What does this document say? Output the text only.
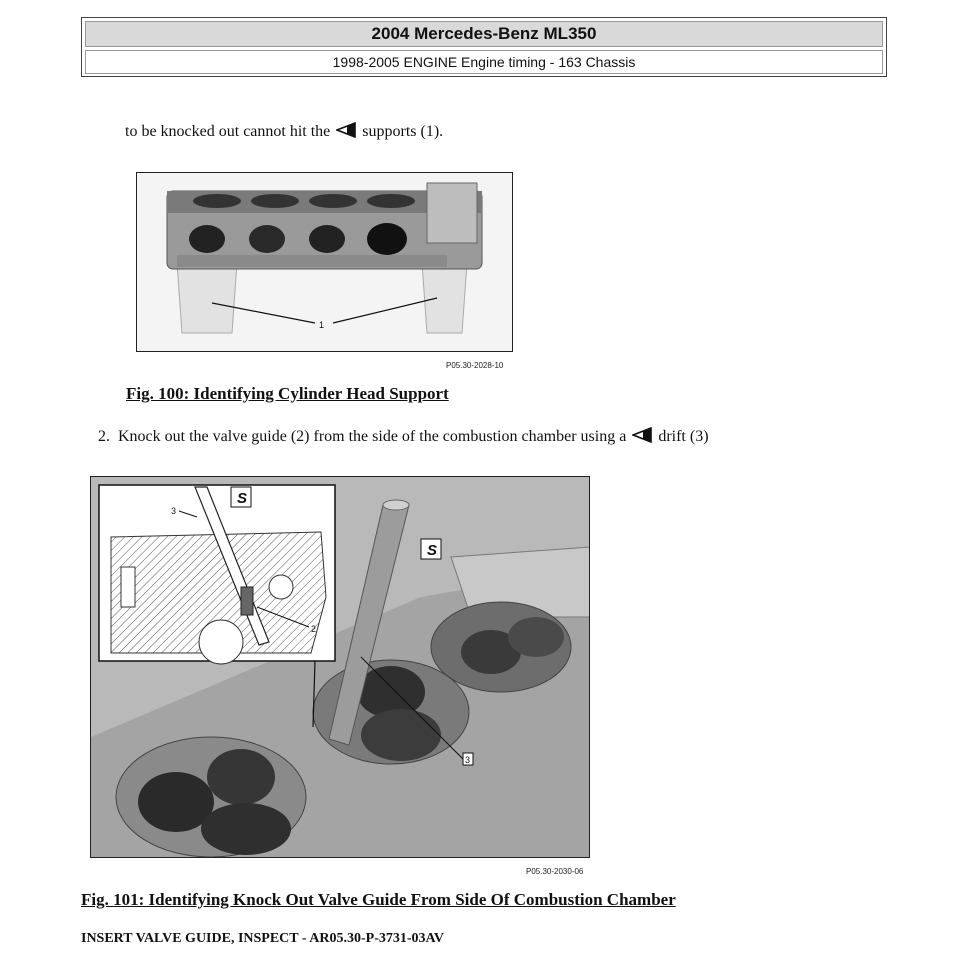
2004 Mercedes-Benz ML350
1998-2005 ENGINE Engine timing - 163 Chassis
to be knocked out cannot hit the supports (1).
1
P05.30-2028-10
Fig. 100: Identifying Cylinder Head Support
2. Knock out the valve guide (2) from the side of the combustion chamber using a drift (3)
S
3
S
3
2
P05.30-2030-06
Fig. 101: Identifying Knock Out Valve Guide From Side Of Combustion Chamber
INSERT VALVE GUIDE, INSPECT - AR05.30-P-3731-03AV
